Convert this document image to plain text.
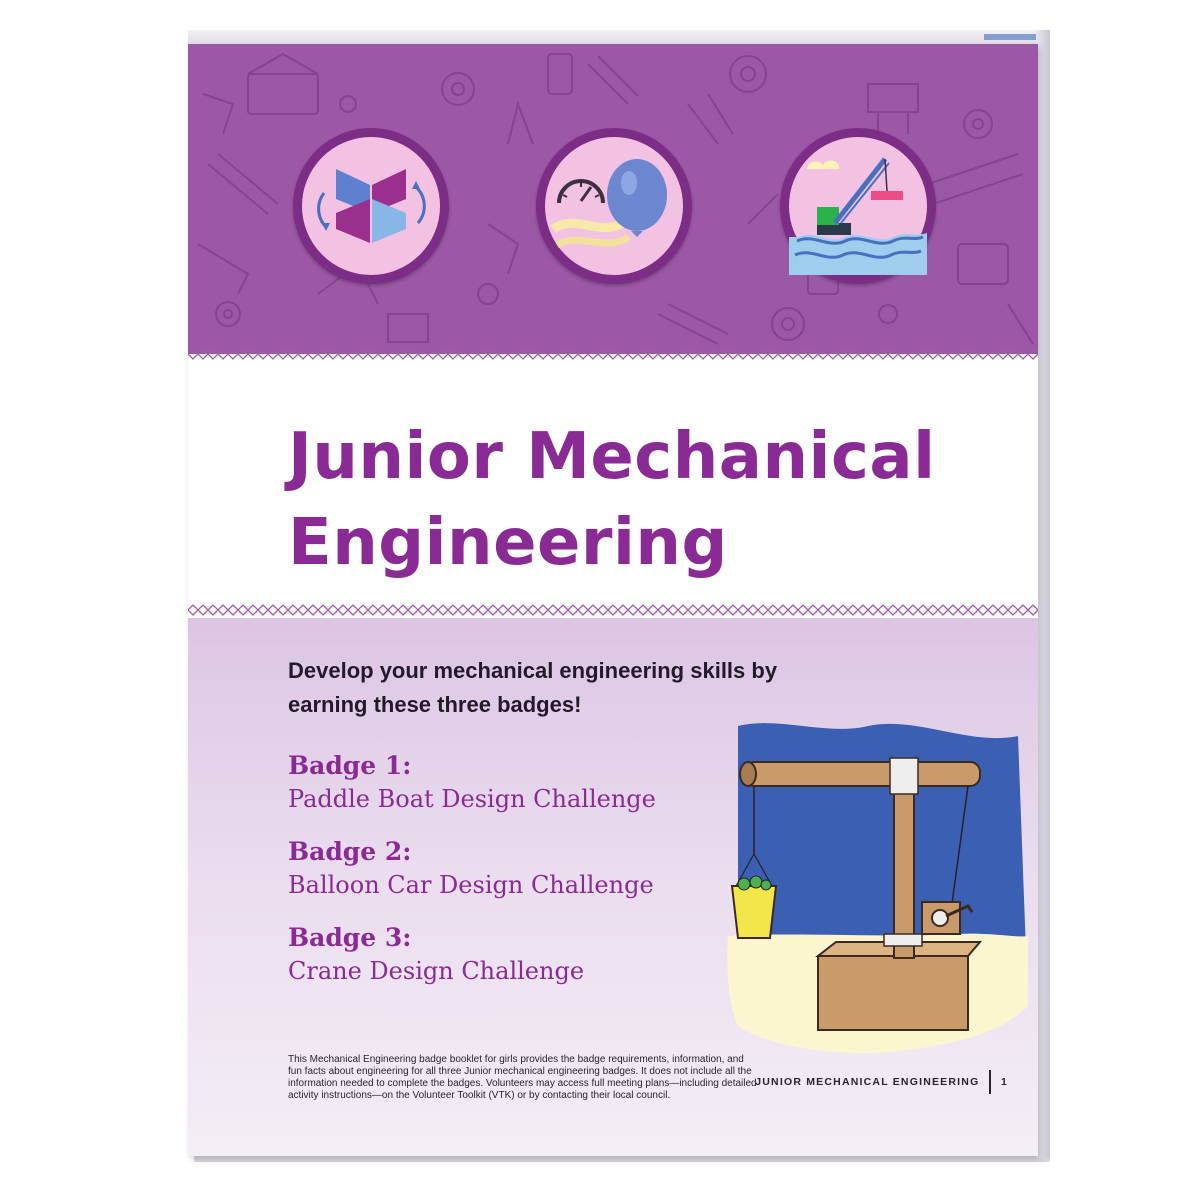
Junior Mechanical Engineering

Develop your mechanical engineering skills by earning these three badges!

Badge 1:
Paddle Boat Design Challenge
Badge 2:
Balloon Car Design Challenge
Badge 3:
Crane Design Challenge

This Mechanical Engineering badge booklet for girls provides the badge requirements, information, and fun facts about engineering for all three Junior mechanical engineering badges. It does not include all the information needed to complete the badges. Volunteers may access full meeting plans—including detailed activity instructions—on the Volunteer Toolkit (VTK) or by contacting their local council.

JUNIOR MECHANICAL ENGINEERING 1
